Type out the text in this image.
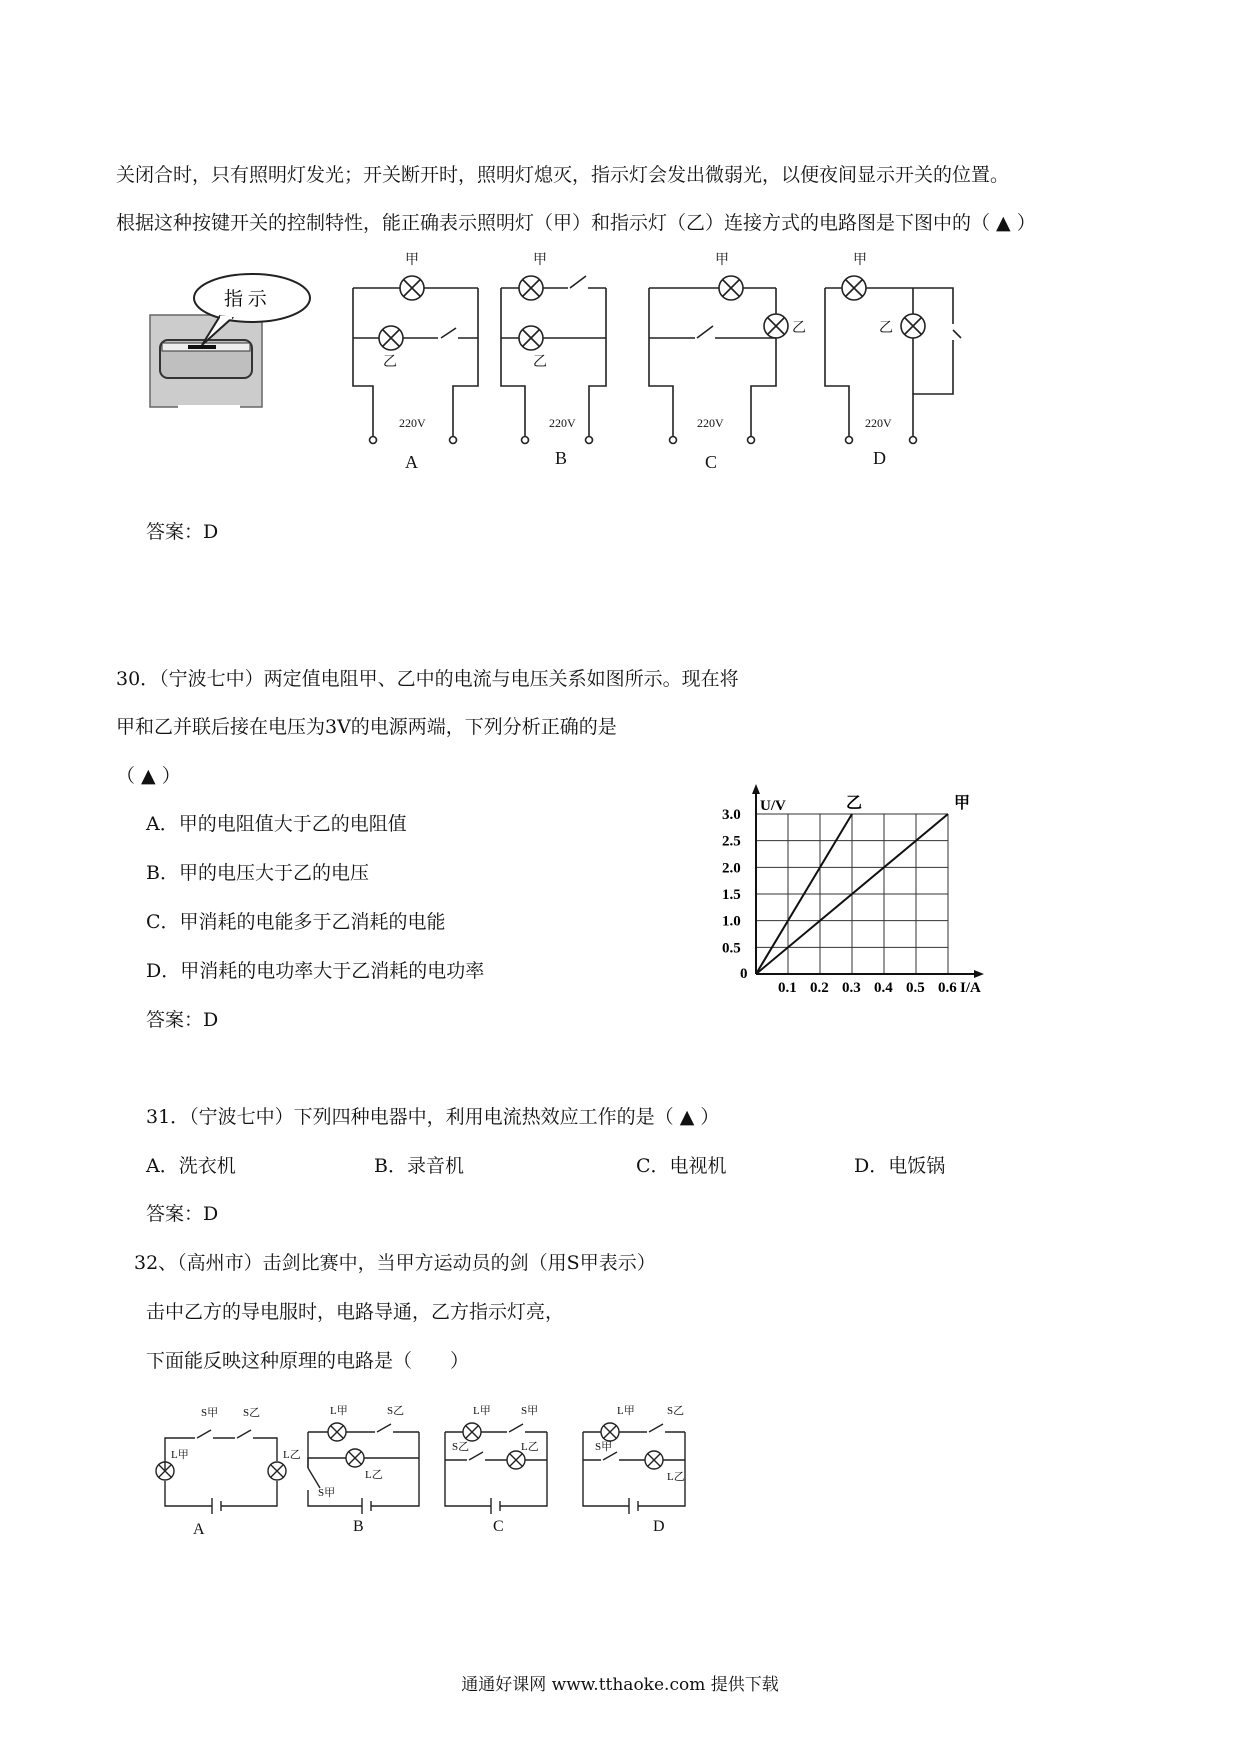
关闭合时，只有照明灯发光；开关断开时，照明灯熄灭，指示灯会发出微弱光，以便夜间显示开关的位置。
根据这种按键开关的控制特性，能正确表示照明灯（甲）和指示灯（乙）连接方式的电路图是下图中的（ ▲ ）
指 示
甲
乙
220V
A
甲
乙
220V
B
甲
乙
220V
C
甲
乙
220V
D
答案：D
30．（宁波七中）两定值电阻甲、乙中的电流与电压关系如图所示。现在将
甲和乙并联后接在电压为3V的电源两端，下列分析正确的是
（ ▲ ）
A．甲的电阻值大于乙的电阻值
B．甲的电压大于乙的电压
C．甲消耗的电能多于乙消耗的电能
D．甲消耗的电功率大于乙消耗的电功率
答案：D
0.1 0.2 0.3 0.4 0.5 0.6
0.5
1.0
1.5
2.0
2.5
3.0
0
I/A
U/V	乙	甲
31．（宁波七中）下列四种电器中，利用电流热效应工作的是（ ▲ ）
A．洗衣机	B．录音机	C．电视机	D．电饭锅
答案：D
32、（高州市）击剑比赛中，当甲方运动员的剑（用S甲表示）
击中乙方的导电服时，电路导通，乙方指示灯亮，
下面能反映这种原理的电路是（　　）
S甲 S乙
L甲	L乙
L甲	S乙
L乙
S甲
L甲	S甲
S乙	L乙
L甲	S乙
S甲
L乙
A	B	C	D
通通好课网 www.tthaoke.com 提供下载
